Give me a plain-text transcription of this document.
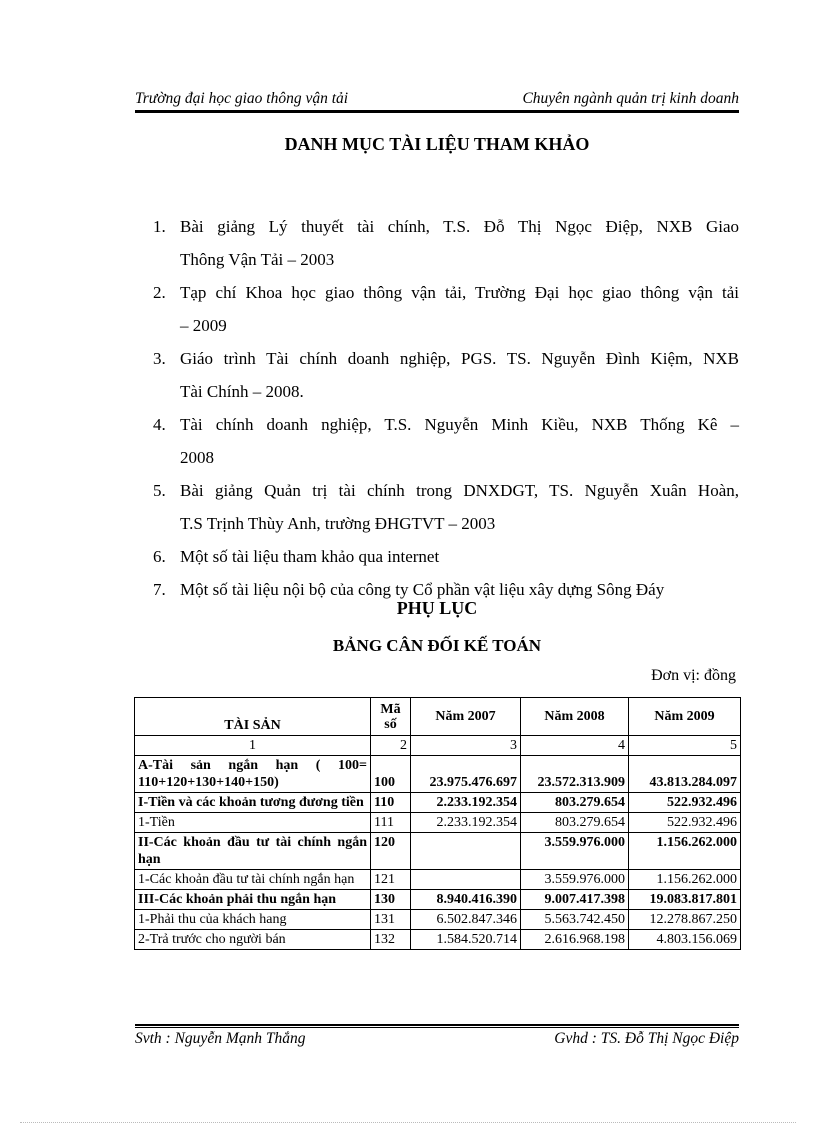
Trường đại học giao thông vận tải	Chuyên ngành quản trị kinh doanh
DANH MỤC TÀI LIỆU THAM KHẢO
1. Bài giảng Lý thuyết tài chính, T.S. Đỗ Thị Ngọc Điệp, NXB Giao
Thông Vận Tải – 2003
2. Tạp chí Khoa học giao thông vận tải, Trường Đại học giao thông vận tải
– 2009
3. Giáo trình Tài chính doanh nghiệp, PGS. TS. Nguyễn Đình Kiệm, NXB
Tài Chính – 2008.
4. Tài chính doanh nghiệp, T.S. Nguyễn Minh Kiều, NXB Thống Kê –
2008
5. Bài giảng Quản trị tài chính trong DNXDGT, TS. Nguyễn Xuân Hoàn,
T.S Trịnh Thùy Anh, trường ĐHGTVT – 2003
6. Một số tài liệu tham khảo qua internet
7. Một số tài liệu nội bộ của công ty Cổ phần vật liệu xây dựng Sông Đáy
PHỤ LỤC
BẢNG CÂN ĐỐI KẾ TOÁN
Đơn vị: đồng
TÀI SẢN	Mã số	Năm 2007	Năm 2008	Năm 2009
1	2	3	4	5
A-Tài sản ngắn hạn ( 100= 110+120+130+140+150)	100	23.975.476.697	23.572.313.909	43.813.284.097
I-Tiền và các khoản tương đương tiền	110	2.233.192.354	803.279.654	522.932.496
1-Tiền	111	2.233.192.354	803.279.654	522.932.496
II-Các khoản đầu tư tài chính ngắn hạn	120		3.559.976.000	1.156.262.000
1-Các khoản đầu tư tài chính ngắn hạn	121		3.559.976.000	1.156.262.000
III-Các khoản phải thu ngắn hạn	130	8.940.416.390	9.007.417.398	19.083.817.801
1-Phải thu của khách hang	131	6.502.847.346	5.563.742.450	12.278.867.250
2-Trả trước cho người bán	132	1.584.520.714	2.616.968.198	4.803.156.069
Svth : Nguyễn Mạnh Thắng	Gvhd : TS. Đỗ Thị Ngọc Điệp
